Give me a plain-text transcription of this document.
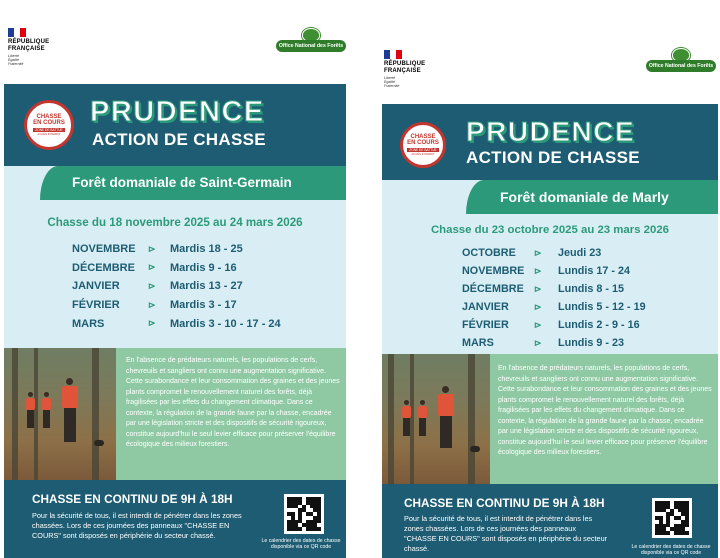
RÉPUBLIQUE
FRANÇAISE
Liberté
Égalité
Fraternité
Office National des Forêts
CHASSE
EN COURS
ZONE DE BATTUE
ACCÈS INTERDIT
PRUDENCE
ACTION DE CHASSE
Forêt domaniale de Saint-Germain
Chasse du 18 novembre 2025 au 24 mars 2026
NOVEMBRE	⊳	Mardis 18 - 25
DÉCEMBRE	⊳	Mardis 9 - 16
JANVIER	⊳	Mardis 13 - 27
FÉVRIER	⊳	Mardis 3 - 17
MARS	⊳	Mardis 3 - 10 - 17 - 24
En l'absence de prédateurs naturels, les populations de cerfs, chevreuils et sangliers ont connu une augmentation significative. Cette surabondance et leur consommation des graines et des jeunes plants compromet le renouvellement naturel des forêts, déjà fragilisées par les effets du changement climatique. Dans ce contexte, la régulation de la grande faune par la chasse, encadrée par une législation stricte et des dispositifs de sécurité rigoureux, constitue aujourd'hui le seul levier efficace pour préserver l'équilibre écologique des milieux forestiers.
CHASSE EN CONTINU DE 9H À 18H
Pour la sécurité de tous, il est interdit de pénétrer dans les zones chassées. Lors de ces journées des panneaux "CHASSE EN COURS" sont disposés en périphérie du secteur chassé.
Le calendrier des dates de chasse
disponible via ce QR code
RÉPUBLIQUE
FRANÇAISE
Liberté
Égalité
Fraternité
Office National des Forêts
CHASSE
EN COURS
ZONE DE BATTUE
ACCÈS INTERDIT
PRUDENCE
ACTION DE CHASSE
Forêt domaniale de Marly
Chasse du 23 octobre 2025 au 23 mars 2026
OCTOBRE	⊳	Jeudi 23
NOVEMBRE	⊳	Lundis 17 - 24
DÉCEMBRE	⊳	Lundis 8 - 15
JANVIER	⊳	Lundis 5 - 12 - 19
FÉVRIER	⊳	Lundis 2 - 9 - 16
MARS	⊳	Lundis 9 - 23
En l'absence de prédateurs naturels, les populations de cerfs, chevreuils et sangliers ont connu une augmentation significative. Cette surabondance et leur consommation des graines et des jeunes plants compromet le renouvellement naturel des forêts, déjà fragilisées par les effets du changement climatique. Dans ce contexte, la régulation de la grande faune par la chasse, encadrée par une législation stricte et des dispositifs de sécurité rigoureux, constitue aujourd'hui le seul levier efficace pour préserver l'équilibre écologique des milieux forestiers.
CHASSE EN CONTINU DE 9H À 18H
Pour la sécurité de tous, il est interdit de pénétrer dans les zones chassées. Lors de ces journées des panneaux "CHASSE EN COURS" sont disposés en périphérie du secteur chassé.	Le calendrier des dates de chasse
disponible via ce QR code
